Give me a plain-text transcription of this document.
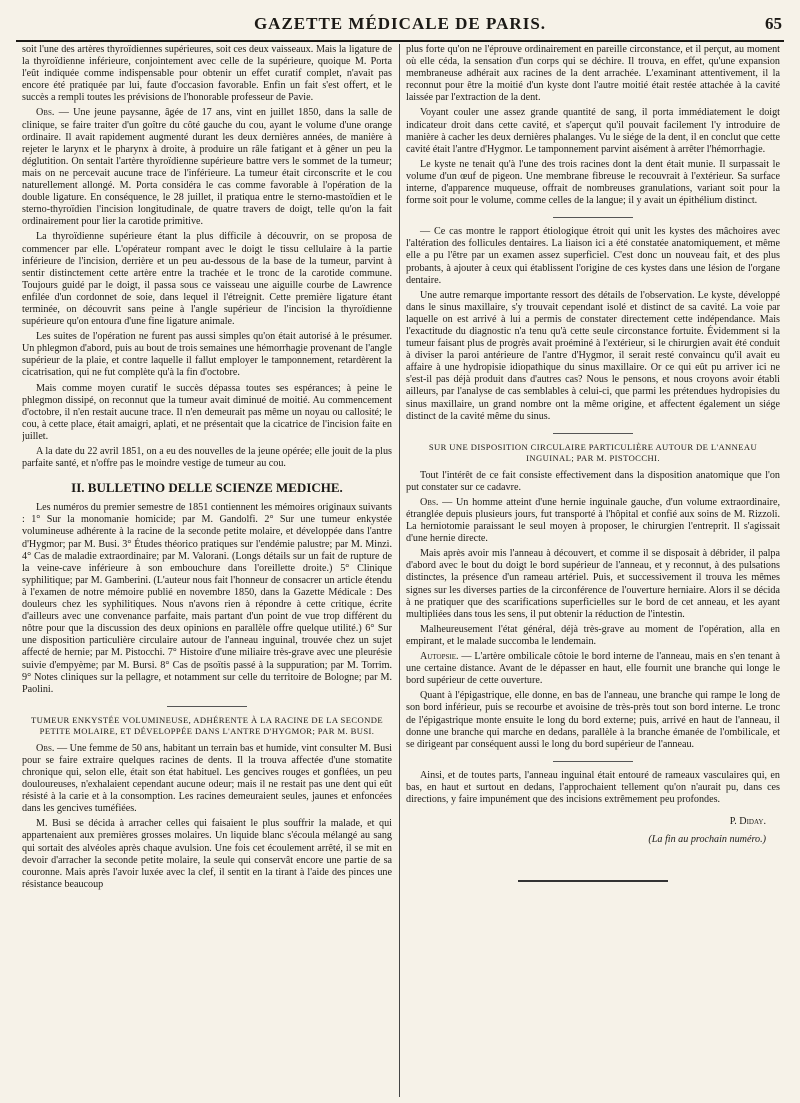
GAZETTE MÉDICALE DE PARIS.	65

soit l'une des artères thyroïdiennes supérieures, soit ces deux vaisseaux. Mais la ligature de la thyroïdienne inférieure, conjointement avec celle de la supérieure, quoique M. Porta l'eût indiquée comme indispensable pour obtenir un effet curatif complet, n'avait pas encore été pratiquée par lui, faute d'occasion favorable. Enfin un fait s'est offert, et le succès a rempli toutes les prévisions de l'honorable professeur de Pavie.

Obs. — Une jeune paysanne, âgée de 17 ans, vint en juillet 1850, dans la salle de clinique, se faire traiter d'un goître du côté gauche du cou, ayant le volume d'une orange ordinaire. Il avait rapidement augmenté durant les deux dernières années, de manière à rejeter le larynx et le pharynx à droite, à produire un râle fatigant et à gêner un peu la déglutition. On sentait l'artère thyroïdienne supérieure battre vers le sommet de la tumeur; mais on ne percevait aucune trace de l'inférieure. La tumeur était circonscrite et le cou naturellement allongé. M. Porta considéra le cas comme favorable à l'opération de la double ligature. En conséquence, le 28 juillet, il pratiqua entre le sterno-mastoïdien et le sterno-thyroïdien l'incision longitudinale, de quatre travers de doigt, telle qu'on la fait ordinairement pour lier la carotide primitive.

La thyroïdienne supérieure étant la plus difficile à découvrir, on se proposa de commencer par elle. L'opérateur rompant avec le doigt le tissu cellulaire à la partie inférieure de l'incision, derrière et un peu au-dessous de la base de la tumeur, parvint à sentir distinctement cette artère entre la trachée et le tronc de la carotide commune. Toujours guidé par le doigt, il passa sous ce vaisseau une aiguille courbe de Lawrence enfilée d'un cordonnet de soie, dans lequel il l'étreignit. Cette première ligature étant terminée, on découvrit sans peine à l'angle supérieur de l'incision la thyroïdienne supérieure qu'on entoura d'une fine ligature animale.

Les suites de l'opération ne furent pas aussi simples qu'on était autorisé à le présumer. Un phlegmon d'abord, puis au bout de trois semaines une hémorrhagie provenant de l'angle supérieur de la plaie, et contre laquelle il fallut employer le tamponnement, retardèrent la cicatrisation, qui ne fut complète qu'à la fin d'octobre.

Mais comme moyen curatif le succès dépassa toutes ses espérances; à peine le phlegmon dissipé, on reconnut que la tumeur avait diminué de moitié. Au commencement d'octobre, il n'en restait aucune trace. Il n'en demeurait pas même un noyau ou callosité; le cou, à cette place, était amaigri, aplati, et ne présentait que la cicatrice de l'incision faite en juillet.

A la date du 22 avril 1851, on a eu des nouvelles de la jeune opérée; elle jouit de la plus parfaite santé, et n'offre pas le moindre vestige de tumeur au cou.

II. BULLETINO DELLE SCIENZE MEDICHE.

Les numéros du premier semestre de 1851 contiennent les mémoires originaux suivants : 1° Sur la monomanie homicide; par M. Gandolfi. 2° Sur une tumeur enkystée volumineuse adhérente à la racine de la seconde petite molaire, et développée dans l'antre d'Hygmor; par M. Busi. 3° Études théorico pratiques sur l'endémie palustre; par M. Minzi. 4° Cas de maladie extraordinaire; par M. Valorani. (Longs détails sur un fait de rupture de la veine-cave inférieure à son embouchure dans l'oreillette droite.) 5° Clinique syphilitique; par M. Gamberini. (L'auteur nous fait l'honneur de consacrer un article étendu à l'examen de notre mémoire publié en novembre 1850, dans la Gazette Médicale : Des douleurs chez les syphilitiques. Nous n'avons rien à répondre à cette critique, écrite d'ailleurs avec une convenance parfaite, mais partant d'un point de vue trop différent du nôtre pour que la discussion des deux opinions en parallèle offre quelque utilité.) 6° Sur une disposition particulière circulaire autour de l'anneau inguinal, trouvée chez un sujet affecté de hernie; par M. Pistocchi. 7° Histoire d'une miliaire très-grave avec une pleurésie suivie d'empyème; par M. Bursi. 8° Cas de psoïtis passé à la suppuration; par M. Torrim. 9° Notes cliniques sur la pellagre, et notamment sur celle du territoire de Bologne; par M. Paolini.

TUMEUR ENKYSTÉE VOLUMINEUSE, ADHÉRENTE À LA RACINE DE LA SECONDE PETITE MOLAIRE, ET DÉVELOPPÉE DANS L'ANTRE D'HYGMOR; PAR M. BUSI.

Obs. — Une femme de 50 ans, habitant un terrain bas et humide, vint consulter M. Busi pour se faire extraire quelques racines de dents. Il la trouva affectée d'une stomatite chronique qui, selon elle, était son état habituel. Les gencives rouges et gonflées, un peu douloureuses, n'exhalaient cependant aucune odeur; mais il ne restait pas une dent qui eût résisté à la carie et à la consomption. Les racines demeuraient seules, jaunes et enfoncées dans les gencives tuméfiées.

M. Busi se décida à arracher celles qui faisaient le plus souffrir la malade, et qui appartenaient aux premières grosses molaires. Un liquide blanc s'écoula mélangé au sang qui sortait des alvéoles après chaque avulsion. Une fois cet écoulement arrêté, il se mit en devoir d'arracher la seconde petite molaire, la seule qui conservât encore une partie de sa couronne. Mais après l'avoir luxée avec la clef, il sentit en la tirant à l'aide des pinces une résistance beaucoup

plus forte qu'on ne l'éprouve ordinairement en pareille circonstance, et il perçut, au moment où elle céda, la sensation d'un corps qui se déchire. Il trouva, en effet, qu'une expansion membraneuse adhérait aux racines de la dent arrachée. L'examinant attentivement, il la reconnut pour être la moitié d'un kyste dont l'autre moitié était restée attachée à la cavité laissée par l'extraction de la dent.

Voyant couler une assez grande quantité de sang, il porta immédiatement le doigt indicateur droit dans cette cavité, et s'aperçut qu'il pouvait facilement l'y introduire de manière à cacher les deux dernières phalanges. Vu le siége de la dent, il en conclut que cette cavité était l'antre d'Hygmor. Le tamponnement parvint aisément à arrêter l'hémorrhagie.

Le kyste ne tenait qu'à l'une des trois racines dont la dent était munie. Il surpassait le volume d'un œuf de pigeon. Une membrane fibreuse le recouvrait à l'extérieur. Sa surface interne, d'apparence muqueuse, offrait de nombreuses granulations, variant soit pour la forme soit pour le volume, comme celles de la langue; il y avait un épithélium distinct.

— Ce cas montre le rapport étiologique étroit qui unit les kystes des mâchoires avec l'altération des follicules dentaires. La liaison ici a été constatée anatomiquement, et même elle a pu l'être par un examen assez superficiel. C'est donc un nouveau fait, et des plus probants, à ajouter à ceux qui établissent l'origine de ces kystes dans une lésion de l'organe dentaire.

Une autre remarque importante ressort des détails de l'observation. Le kyste, développé dans le sinus maxillaire, s'y trouvait cependant isolé et distinct de sa cavité. La voie par laquelle on est arrivé à lui a permis de constater directement cette indépendance. Mais l'exactitude du diagnostic n'a tenu qu'à cette seule circonstance fortuite. Évidemment si la tumeur faisant plus de progrès avait proéminé à l'extérieur, si le chirurgien avait été conduit à diviser la paroi antérieure de l'antre d'Hygmor, il serait resté convaincu qu'il avait eu affaire à une hydropisie idiopathique du sinus maxillaire. Or ce qui eût pu arriver ici ne s'est-il pas déjà produit dans d'autres cas? Nous le pensons, et nous croyons avoir établi ailleurs, par l'analyse de cas semblables à celui-ci, que parmi les prétendues hydropisies du sinus maxillaire, un grand nombre ont la même origine, et affectent également un siége distinct de la cavité même du sinus.

SUR UNE DISPOSITION CIRCULAIRE PARTICULIÈRE AUTOUR DE L'ANNEAU INGUINAL; PAR M. PISTOCCHI.

Tout l'intérêt de ce fait consiste effectivement dans la disposition anatomique que l'on put constater sur ce cadavre.

Obs. — Un homme atteint d'une hernie inguinale gauche, d'un volume extraordinaire, étranglée depuis plusieurs jours, fut transporté à l'hôpital et confié aux soins de M. Rizzoli. La herniotomie paraissant le seul moyen à proposer, le chirurgien l'entreprit. Il s'agissait d'une hernie directe.

Mais après avoir mis l'anneau à découvert, et comme il se disposait à débrider, il palpa d'abord avec le bout du doigt le bord supérieur de l'anneau, et y reconnut, à des pulsations distinctes, la présence d'un rameau artériel. Puis, et successivement il trouva les mêmes signes sur les diverses parties de la circonférence de l'ouverture herniaire. Alors il se décida à ne pratiquer que des scarifications superficielles sur le bord de cet anneau, et les ayant multipliées dans tous les sens, il put obtenir la réduction de l'intestin.

Malheureusement l'état général, déjà très-grave au moment de l'opération, alla en empirant, et le malade succomba le lendemain.

Autopsie. — L'artère ombilicale côtoie le bord interne de l'anneau, mais en s'en tenant à une certaine distance. Avant de le dépasser en haut, elle fournit une branche qui longe le bord supérieur de cette ouverture.

Quant à l'épigastrique, elle donne, en bas de l'anneau, une branche qui rampe le long de son bord inférieur, puis se recourbe et avoisine de très-près tout son bord interne. Le tronc de l'épigastrique monte ensuite le long du bord externe; puis, arrivé en haut de l'anneau, il donne une branche qui marche en dedans, parallèle à la branche émanée de l'ombilicale, et se dirigeant par conséquent aussi le long du bord supérieur de l'anneau.

Ainsi, et de toutes parts, l'anneau inguinal était entouré de rameaux vasculaires qui, en bas, en haut et surtout en dedans, l'approchaient tellement qu'on n'aurait pu, dans ces directions, y faire impunément que des incisions extrêmement peu profondes.

P. Diday.

(La fin au prochain numéro.)
